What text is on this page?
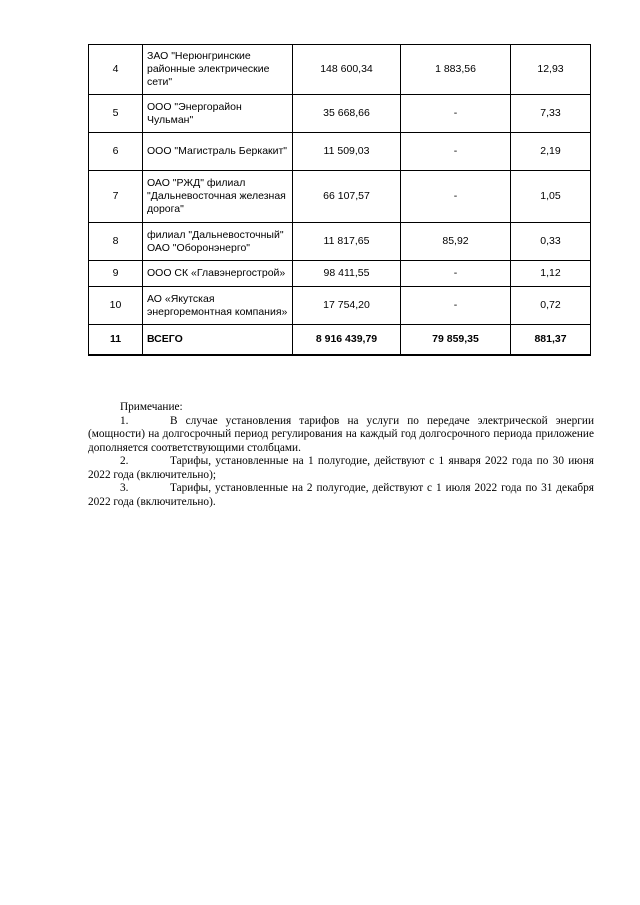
4	ЗАО "Нерюнгринские районные электрические сети"	148 600,34	1 883,56	12,93
5	ООО "Энергорайон Чульман"	35 668,66	-	7,33
6	ООО "Магистраль Беркакит"	11 509,03	-	2,19
7	ОАО "РЖД" филиал "Дальневосточная железная дорога"	66 107,57	-	1,05
8	филиал "Дальневосточный" ОАО "Оборонэнерго"	11 817,65	85,92	0,33
9	ООО СК «Главэнергострой»	98 411,55	-	1,12
10	АО «Якутская энергоремонтная компания»	17 754,20	-	0,72
11	ВСЕГО	8 916 439,79	79 859,35	881,37

Примечание:

1.	В случае установления тарифов на услуги по передаче электрической энергии (мощности) на долгосрочный период регулирования на каждый год долгосрочного периода приложение дополняется соответствующими столбцами.

2.	Тарифы, установленные на 1 полугодие, действуют с 1 января 2022 года по 30 июня 2022 года (включительно);

3.	Тарифы, установленные на 2 полугодие, действуют с 1 июля 2022 года по 31 декабря 2022 года (включительно).
